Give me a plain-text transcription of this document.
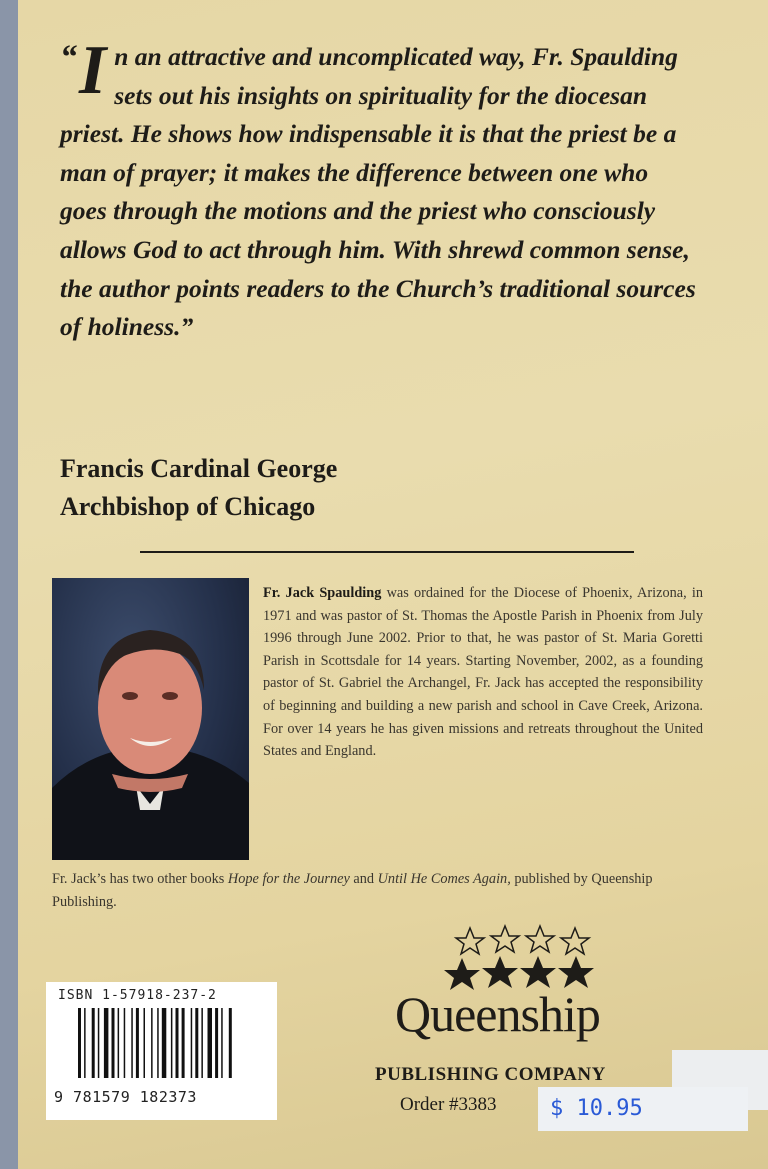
“ I n an attractive and uncomplicated way, Fr. Spaulding sets out his insights on spirituality for the diocesan priest. He shows how indispensable it is that the priest be a man of prayer; it makes the difference between one who goes through the motions and the priest who consciously allows God to act through him. With shrewd common sense, the author points readers to the Church’s traditional sources of holiness.”
Francis Cardinal George
Archbishop of Chicago
Fr. Jack Spaulding was ordained for the Diocese of Phoenix, Arizona, in 1971 and was pastor of St. Thomas the Apostle Parish in Phoenix from July 1996 through June 2002. Prior to that, he was pastor of St. Maria Goretti Parish in Scottsdale for 14 years. Starting November, 2002, as a founding pastor of St. Gabriel the Archangel, Fr. Jack has accepted the responsibility of beginning and building a new parish and school in Cave Creek, Arizona. For over 14 years he has given missions and retreats throughout the United States and England.
Fr. Jack’s has two other books Hope for the Journey and Until He Comes Again, published by Queenship Publishing.
ISBN 1-57918-237-2
9 781579 182373
Queenship
PUBLISHING COMPANY
Order #3383	$ 10.95
